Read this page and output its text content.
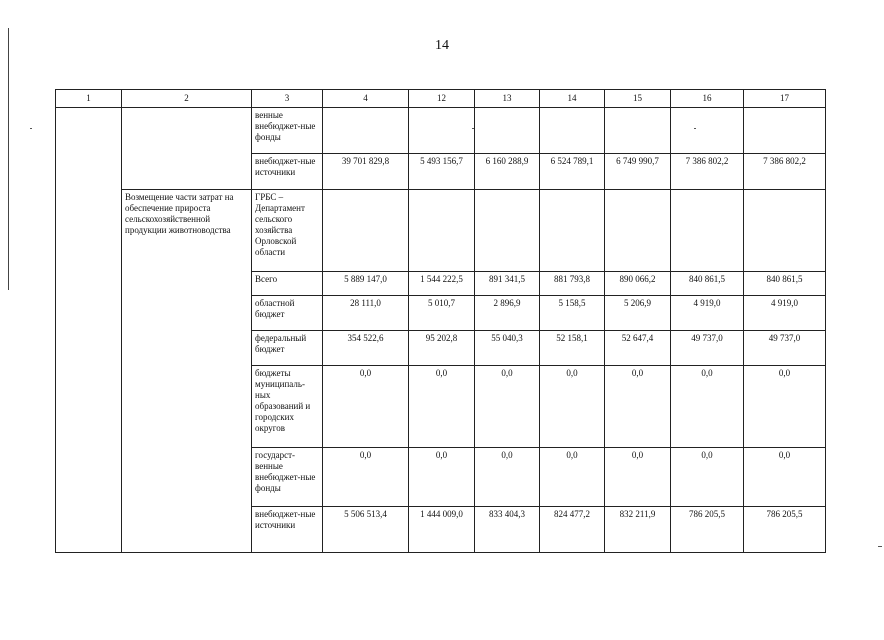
14
1	2	3	4	12	13	14	15	16	17
		венные внебюджет-ные фонды							
		внебюджет-ные источники	39 701 829,8	5 493 156,7	6 160 288,9	6 524 789,1	6 749 990,7	7 386 802,2	7 386 802,2
	Возмещение части затрат на обеспечение прироста сельскохозяйственной продукции животноводства	ГРБС – Департамент сельского хозяйства Орловской области							
		Всего	5 889 147,0	1 544 222,5	891 341,5	881 793,8	890 066,2	840 861,5	840 861,5
		областной бюджет	28 111,0	5 010,7	2 896,9	5 158,5	5 206,9	4 919,0	4 919,0
		федеральный бюджет	354 522,6	95 202,8	55 040,3	52 158,1	52 647,4	49 737,0	49 737,0
		бюджеты муниципаль-ных образований и городских округов	0,0	0,0	0,0	0,0	0,0	0,0	0,0
		государст-венные внебюджет-ные фонды	0,0	0,0	0,0	0,0	0,0	0,0	0,0
		внебюджет-ные источники	5 506 513,4	1 444 009,0	833 404,3	824 477,2	832 211,9	786 205,5	786 205,5
